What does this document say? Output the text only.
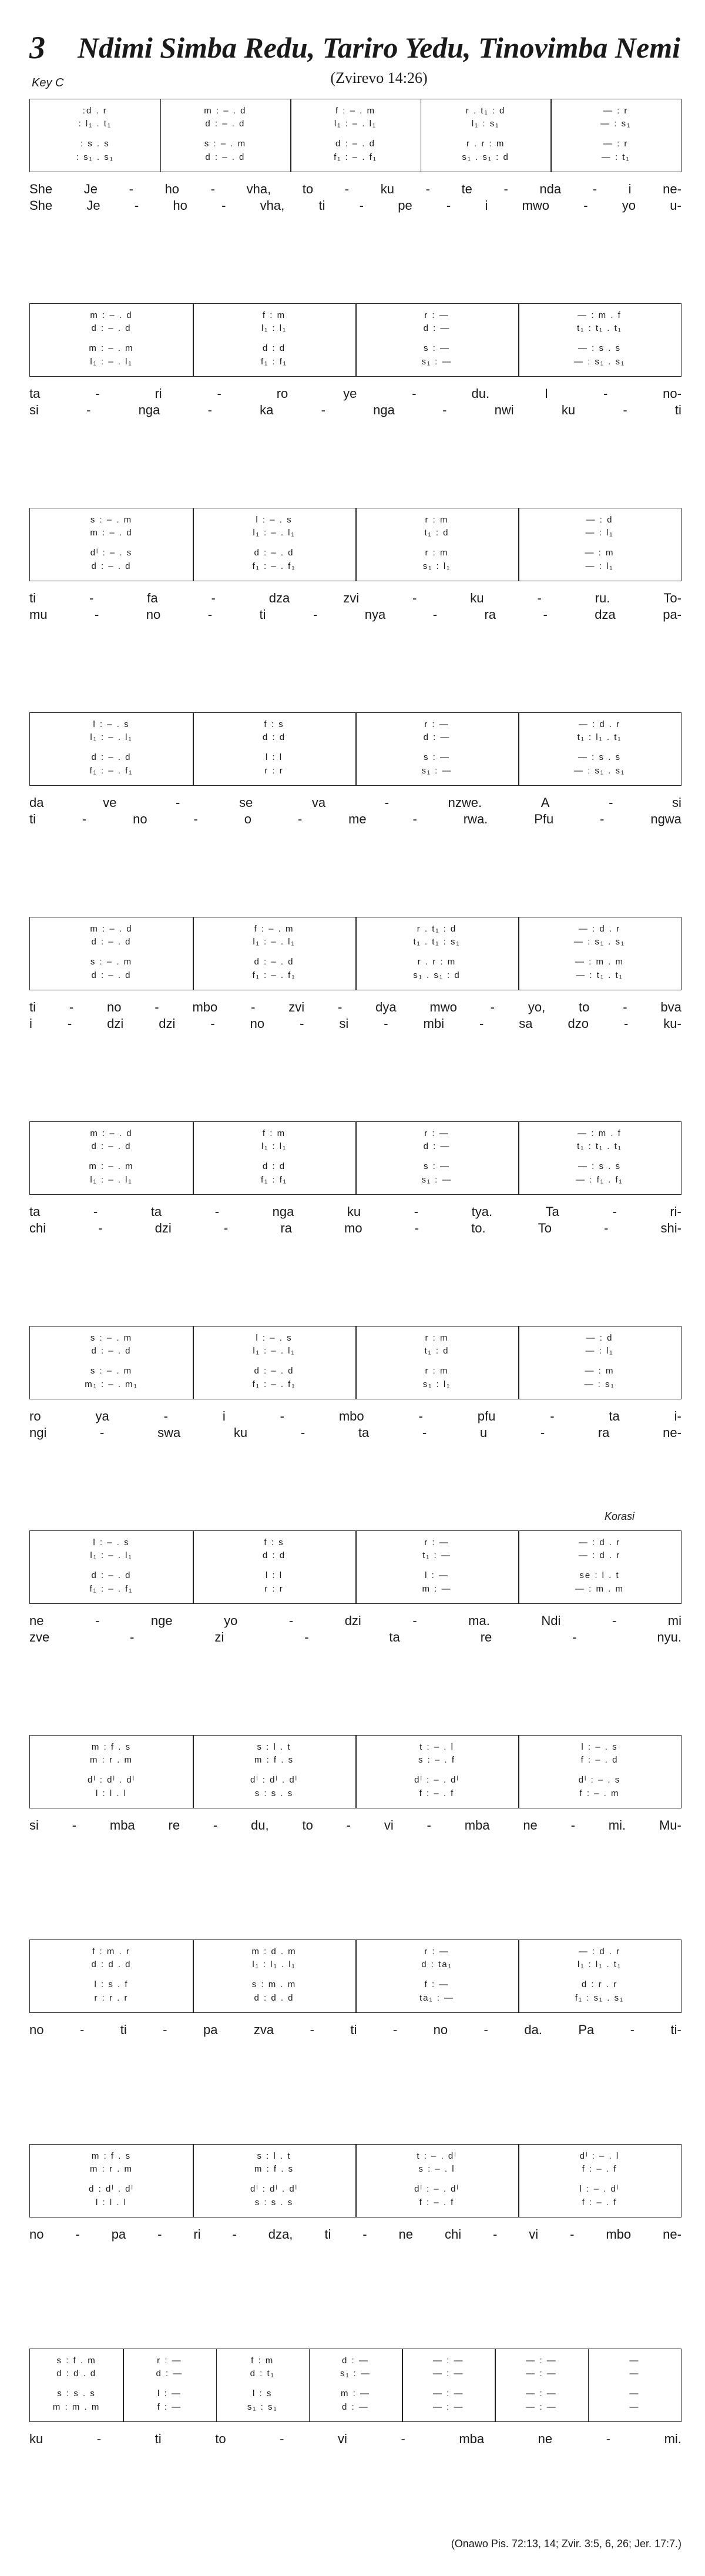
3 Ndimi Simba Redu, Tariro Yedu, Tinovimba Nemi
(Zvirevo 14:26)
Key C
:d . r	m : – . d	f : – . m	r . t₁ : d	— : r
: l₁ . t₁	d : – . d	l₁ : – . l₁	l₁ : s₁	— : s₁
: s . s	s : – . m	d : – . d	r . r : m	— : r
: s₁ . s₁	d : – . d	f₁ : – . f₁	s₁ . s₁ : d	— : t₁
She Je - ho - vha, to - ku - te - nda - i ne-
She	Je	-	ho	-	vha,	ti	-	pe	-	i	mwo	-	yo	u-
m : – . d	f : m	r : —	— : m . f
d : – . d	l₁ : l₁	d : —	t₁ : t₁ . t₁
m : – . m	d : d	s : —	— : s . s
l₁ : – . l₁	f₁ : f₁	s₁ : —	— : s₁ . s₁
ta	-	ri	-	ro	ye	-	du.	I	-	no-
si	-	nga	-	ka	-	nga	-	nwi	ku	-	ti
s : – . m	l : – . s	r : m	— : d
m : – . d	l₁ : – . l₁	t₁ : d	— : l₁
dˡ : – . s	d : – . d	r : m	— : m
d : – . d	f₁ : – . f₁	s₁ : l₁	— : l₁
ti	-	fa	-	dza	zvi	-	ku	-	ru.	To-
mu	-	no	-	ti	-	nya	-	ra	-	dza	pa-
l : – . s	f : s	r : —	— : d . r
l₁ : – . l₁	d : d	d : —	t₁ : l₁ . t₁
d : – . d	l : l	s : —	— : s . s
f₁ : – . f₁	r : r	s₁ : —	— : s₁ . s₁
da	ve	-	se	va	-	nzwe.	A	-	si
ti	-	no	-	o	-	me	-	rwa.	Pfu	-	ngwa
m : – . d	f : – . m	r . t₁ : d	— : d . r
d : – . d	l₁ : – . l₁	t₁ . t₁ : s₁	— : s₁ . s₁
s : – . m	d : – . d	r . r : m	— : m . m
d : – . d	f₁ : – . f₁	s₁ . s₁ : d	— : t₁ . t₁
ti	-	no	-	mbo	-	zvi	-	dya	mwo	-	yo,	to	-	bva
i	-	dzi	dzi	-	no	-	si	-	mbi	-	sa	dzo	-	ku-
m : – . d	f : m	r : —	— : m . f
d : – . d	l₁ : l₁	d : —	t₁ : t₁ . t₁
m : – . m	d : d	s : —	— : s . s
l₁ : – . l₁	f₁ : f₁	s₁ : —	— : f₁ . f₁
ta	-	ta	-	nga	ku	-	tya.	Ta	-	ri-
chi	-	dzi	-	ra	mo	-	to.	To	-	shi-
s : – . m	l : – . s	r : m	— : d
d : – . d	l₁ : – . l₁	t₁ : d	— : l₁
s : – . m	d : – . d	r : m	— : m
m₁ : – . m₁	f₁ : – . f₁	s₁ : l₁	— : s₁
ro	ya	-	i	-	mbo	-	pfu	-	ta	i-
ngi	-	swa	ku	-	ta	-	u	-	ra	ne-
Korasi
l : – . s	f : s	r : —	— : d . r
l₁ : – . l₁	d : d	t₁ : —	— : d . r
d : – . d	l : l	l : —	se : l . t
f₁ : – . f₁	r : r	m : —	— : m . m
ne	-	nge	yo	-	dzi	-	ma.	Ndi	-	mi
zve	-	zi	-	ta	re	-	nyu.
m : f . s	s : l . t	t : – . l	l : – . s
m : r . m	m : f . s	s : – . f	f : – . d
dˡ : dˡ . dˡ	dˡ : dˡ . dˡ	dˡ : – . dˡ	dˡ : – . s
l : l . l	s : s . s	f : – . f	f : – . m
si	-	mba	re	-	du,	to	-	vi	-	mba	ne	-	mi.	Mu-
f : m . r	m : d . m	r : —	— : d . r
d : d . d	l₁ : l₁ . l₁	d : ta₁	l₁ : l₁ . t₁
l : s . f	s : m . m	f : —	d : r . r
r : r . r	d : d . d	ta₁ : —	f₁ : s₁ . s₁
no	-	ti	-	pa	zva	-	ti	-	no	-	da.	Pa	-	ti-
m : f . s	s : l . t	t : – . dˡ	dˡ : – . l
m : r . m	m : f . s	s : – . l	f : – . f
d : dˡ . dˡ	dˡ : dˡ . dˡ	dˡ : – . dˡ	l : – . dˡ
l : l . l	s : s . s	f : – . f	f : – . f
no - pa - ri - dza, ti - ne chi - vi - mbo ne-
s : f . m	r : —	f : m	d : —	— : —	— : —	—
d : d . d	d : —	d : t₁	s₁ : —	— : —	— : —	—
s : s . s	l : —	l : s	m : —	— : —	— : —	—
m : m . m	f : —	s₁ : s₁	d : —	— : —	— : —	—
ku	-	ti	to	-	vi	-	mba	ne	-	mi.
(Onawo Pis. 72:13, 14; Zvir. 3:5, 6, 26; Jer. 17:7.)
